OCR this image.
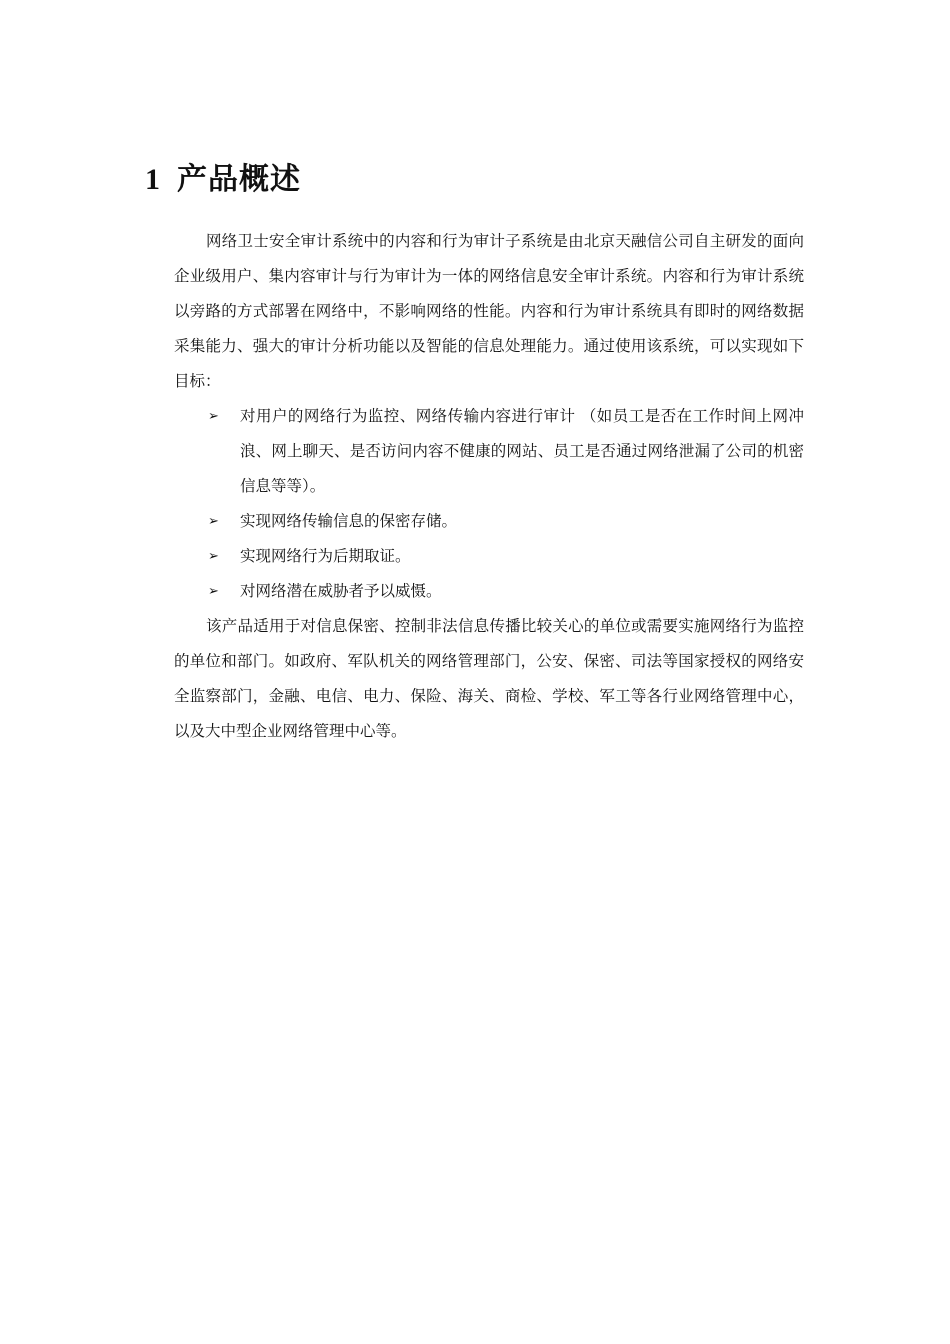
1 产品概述

网络卫士安全审计系统中的内容和行为审计子系统是由北京天融信公司自主研发的面向企业级用户、集内容审计与行为审计为一体的网络信息安全审计系统。内容和行为审计系统以旁路的方式部署在网络中，不影响网络的性能。内容和行为审计系统具有即时的网络数据采集能力、强大的审计分析功能以及智能的信息处理能力。通过使用该系统，可以实现如下目标：

➢ 对用户的网络行为监控、网络传输内容进行审计 （如员工是否在工作时间上网冲浪、网上聊天、是否访问内容不健康的网站、员工是否通过网络泄漏了公司的机密信息等等）。
➢ 实现网络传输信息的保密存储。
➢ 实现网络行为后期取证。
➢ 对网络潜在威胁者予以威慑。

该产品适用于对信息保密、控制非法信息传播比较关心的单位或需要实施网络行为监控的单位和部门。如政府、军队机关的网络管理部门，公安、保密、司法等国家授权的网络安全监察部门，金融、电信、电力、保险、海关、商检、学校、军工等各行业网络管理中心，以及大中型企业网络管理中心等。
